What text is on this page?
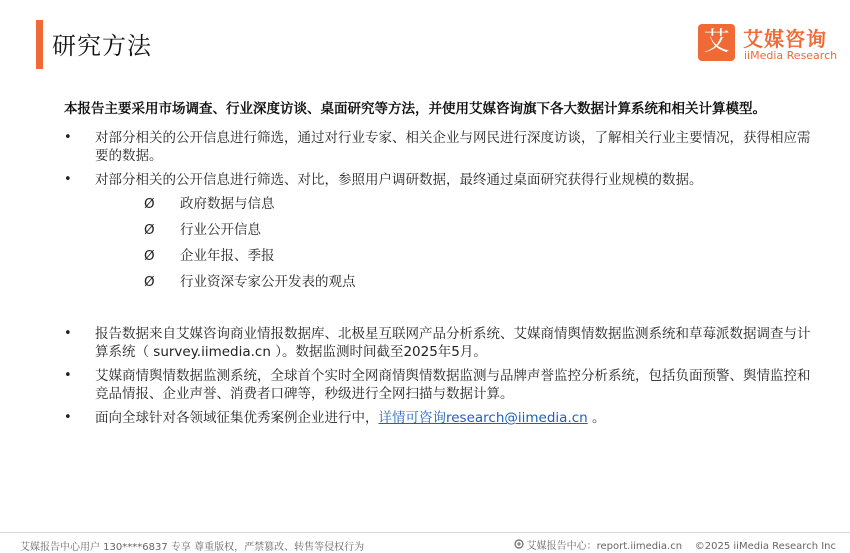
研究方法	艾 艾媒咨询
iiMedia Research
本报告主要采用市场调查、行业深度访谈、桌面研究等方法，并使用艾媒咨询旗下各大数据计算系统和相关计算模型。
• 对部分相关的公开信息进行筛选，通过对行业专家、相关企业与网民进行深度访谈，了解相关行业主要情况，获得相应需要的数据。
• 对部分相关的公开信息进行筛选、对比，参照用户调研数据，最终通过桌面研究获得行业规模的数据。
Ø 政府数据与信息
Ø 行业公开信息
Ø 企业年报、季报
Ø 行业资深专家公开发表的观点
• 报告数据来自艾媒咨询商业情报数据库、北极星互联网产品分析系统、艾媒商情舆情数据监测系统和草莓派数据调查与计算系统（ survey.iimedia.cn ）。数据监测时间截至2025年5月。
• 艾媒商情舆情数据监测系统，全球首个实时全网商情舆情数据监测与品牌声誉监控分析系统，包括负面预警、舆情监控和竞品情报、企业声誉、消费者口碑等，秒级进行全网扫描与数据计算。
• 面向全球针对各领域征集优秀案例企业进行中，详情可咨询research@iimedia.cn 。
艾媒报告中心用户 130****6837 专享 尊重版权，严禁篡改、转售等侵权行为	艾媒报告中心：report.iimedia.cn ©2025 iiMedia Research Inc
